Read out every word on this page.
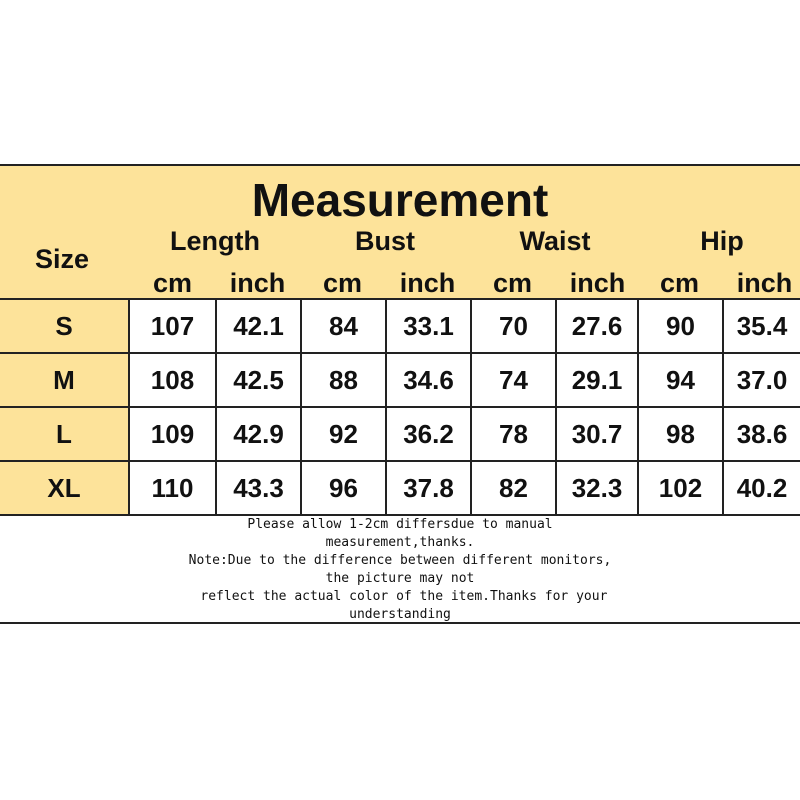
Measurement
Size
Length	Bust	Waist	Hip
cm	inch	cm	inch	cm	inch	cm	inch
S	107	42.1	84	33.1	70	27.6	90	35.4
M	108	42.5	88	34.6	74	29.1	94	37.0
L	109	42.9	92	36.2	78	30.7	98	38.6
XL	110	43.3	96	37.8	82	32.3	102	40.2
Please allow 1-2cm differsdue to manual
measurement,thanks.
Note:Due to the difference between different monitors,
the picture may not
reflect the actual color of the item.Thanks for your
understanding
